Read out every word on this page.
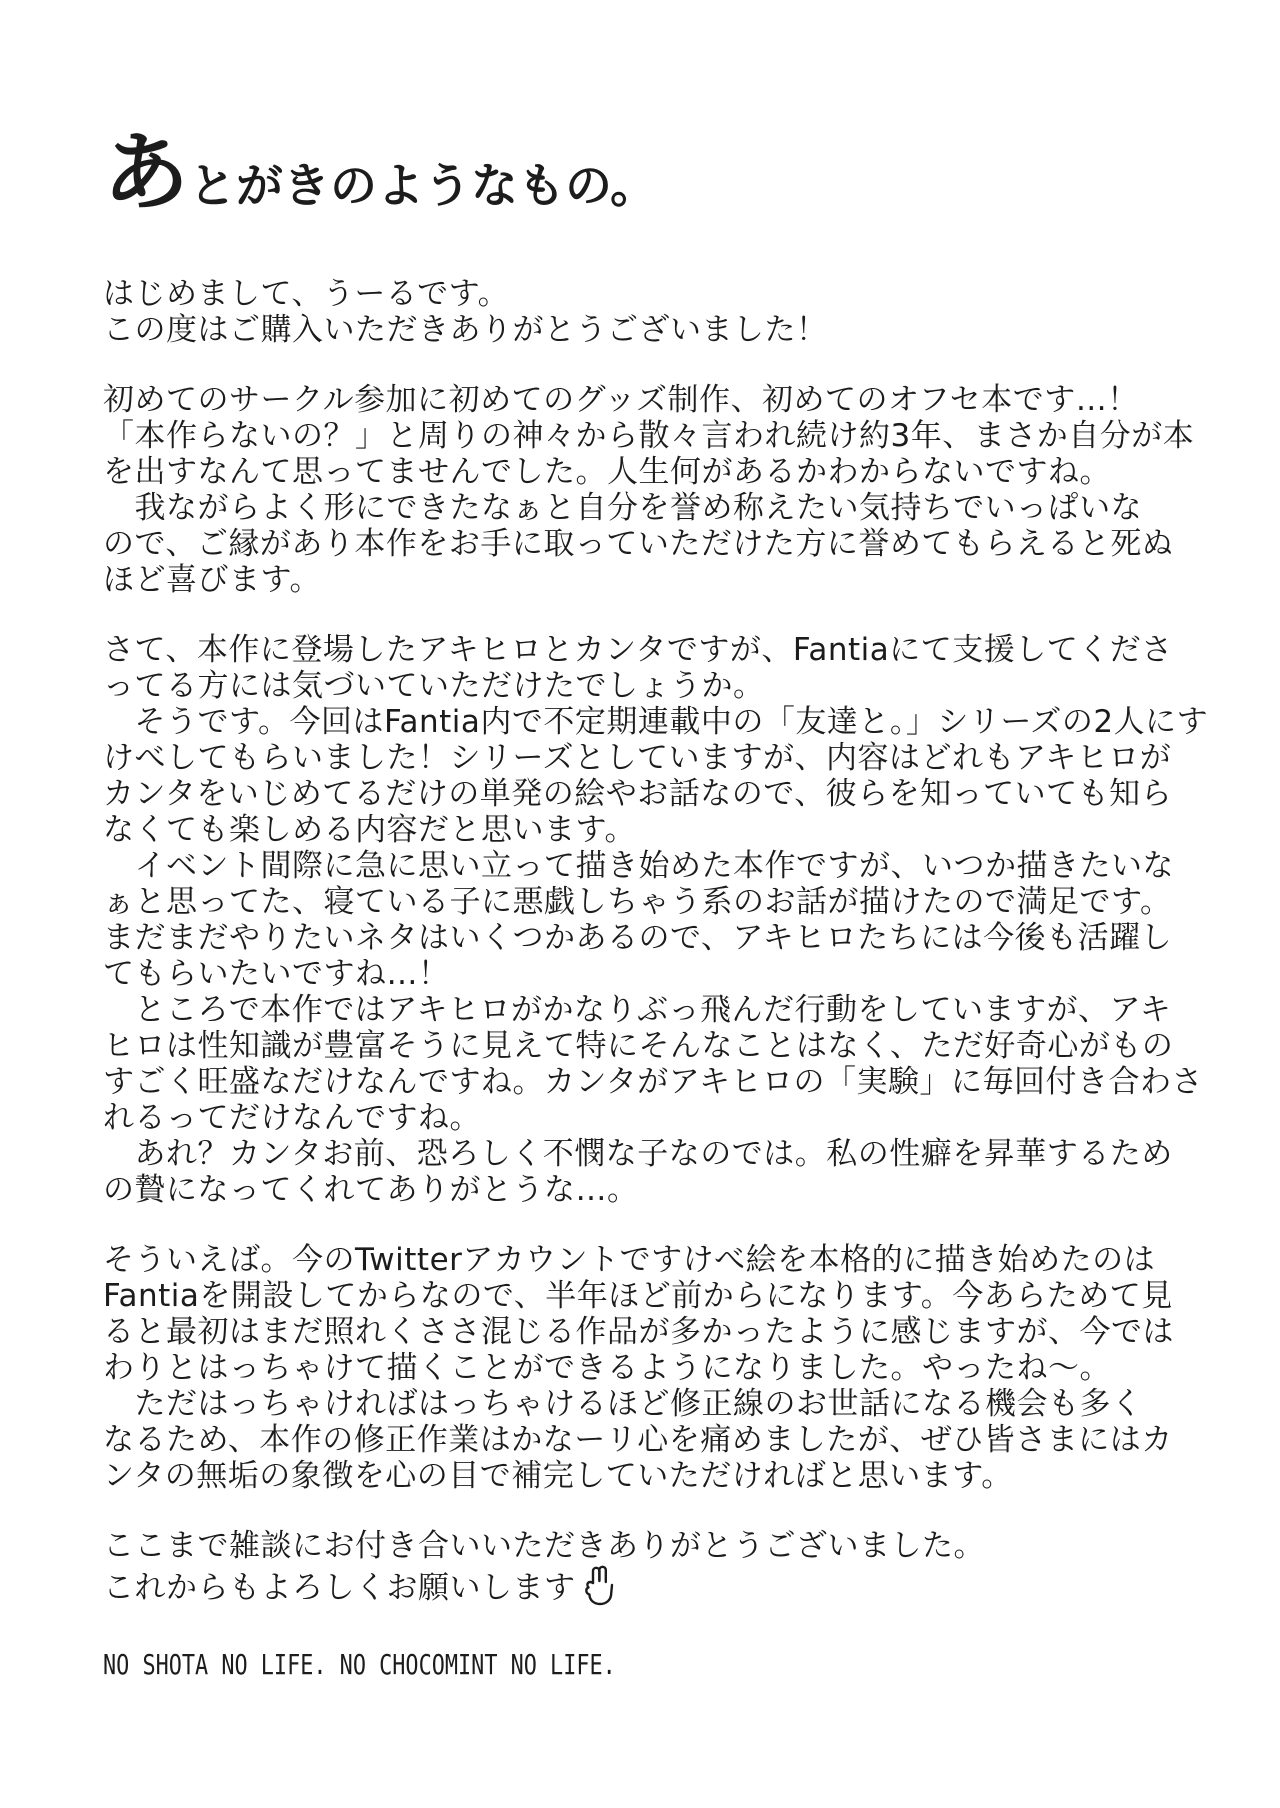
あとがきのようなもの。
はじめまして、うーるです。
この度はご購入いただきありがとうございました！
初めてのサークル参加に初めてのグッズ制作、初めてのオフセ本です…！
「本作らないの？」と周りの神々から散々言われ続け約3年、まさか自分が本
を出すなんて思ってませんでした。人生何があるかわからないですね。
　我ながらよく形にできたなぁと自分を誉め称えたい気持ちでいっぱいな
ので、ご縁があり本作をお手に取っていただけた方に誉めてもらえると死ぬ
ほど喜びます。
さて、本作に登場したアキヒロとカンタですが、Fantiaにて支援してくださ
ってる方には気づいていただけたでしょうか。
　そうです。今回はFantia内で不定期連載中の「友達と。」シリーズの2人にす
けべしてもらいました！シリーズとしていますが、内容はどれもアキヒロが
カンタをいじめてるだけの単発の絵やお話なので、彼らを知っていても知ら
なくても楽しめる内容だと思います。
　イベント間際に急に思い立って描き始めた本作ですが、いつか描きたいな
ぁと思ってた、寝ている子に悪戯しちゃう系のお話が描けたので満足です。
まだまだやりたいネタはいくつかあるので、アキヒロたちには今後も活躍し
てもらいたいですね…！
　ところで本作ではアキヒロがかなりぶっ飛んだ行動をしていますが、アキ
ヒロは性知識が豊富そうに見えて特にそんなことはなく、ただ好奇心がもの
すごく旺盛なだけなんですね。カンタがアキヒロの「実験」に毎回付き合わさ
れるってだけなんですね。
　あれ？カンタお前、恐ろしく不憫な子なのでは。私の性癖を昇華するため
の贄になってくれてありがとうな…。
そういえば。今のTwitterアカウントですけべ絵を本格的に描き始めたのは
Fantiaを開設してからなので、半年ほど前からになります。今あらためて見
ると最初はまだ照れくささ混じる作品が多かったように感じますが、今では
わりとはっちゃけて描くことができるようになりました。やったね〜。
　ただはっちゃければはっちゃけるほど修正線のお世話になる機会も多く
なるため、本作の修正作業はかなーリ心を痛めましたが、ぜひ皆さまにはカ
ンタの無垢の象徴を心の目で補完していただければと思います。
ここまで雑談にお付き合いいただきありがとうございました。
これからもよろしくお願いします
NO SHOTA NO LIFE. NO CHOCOMINT NO LIFE.
